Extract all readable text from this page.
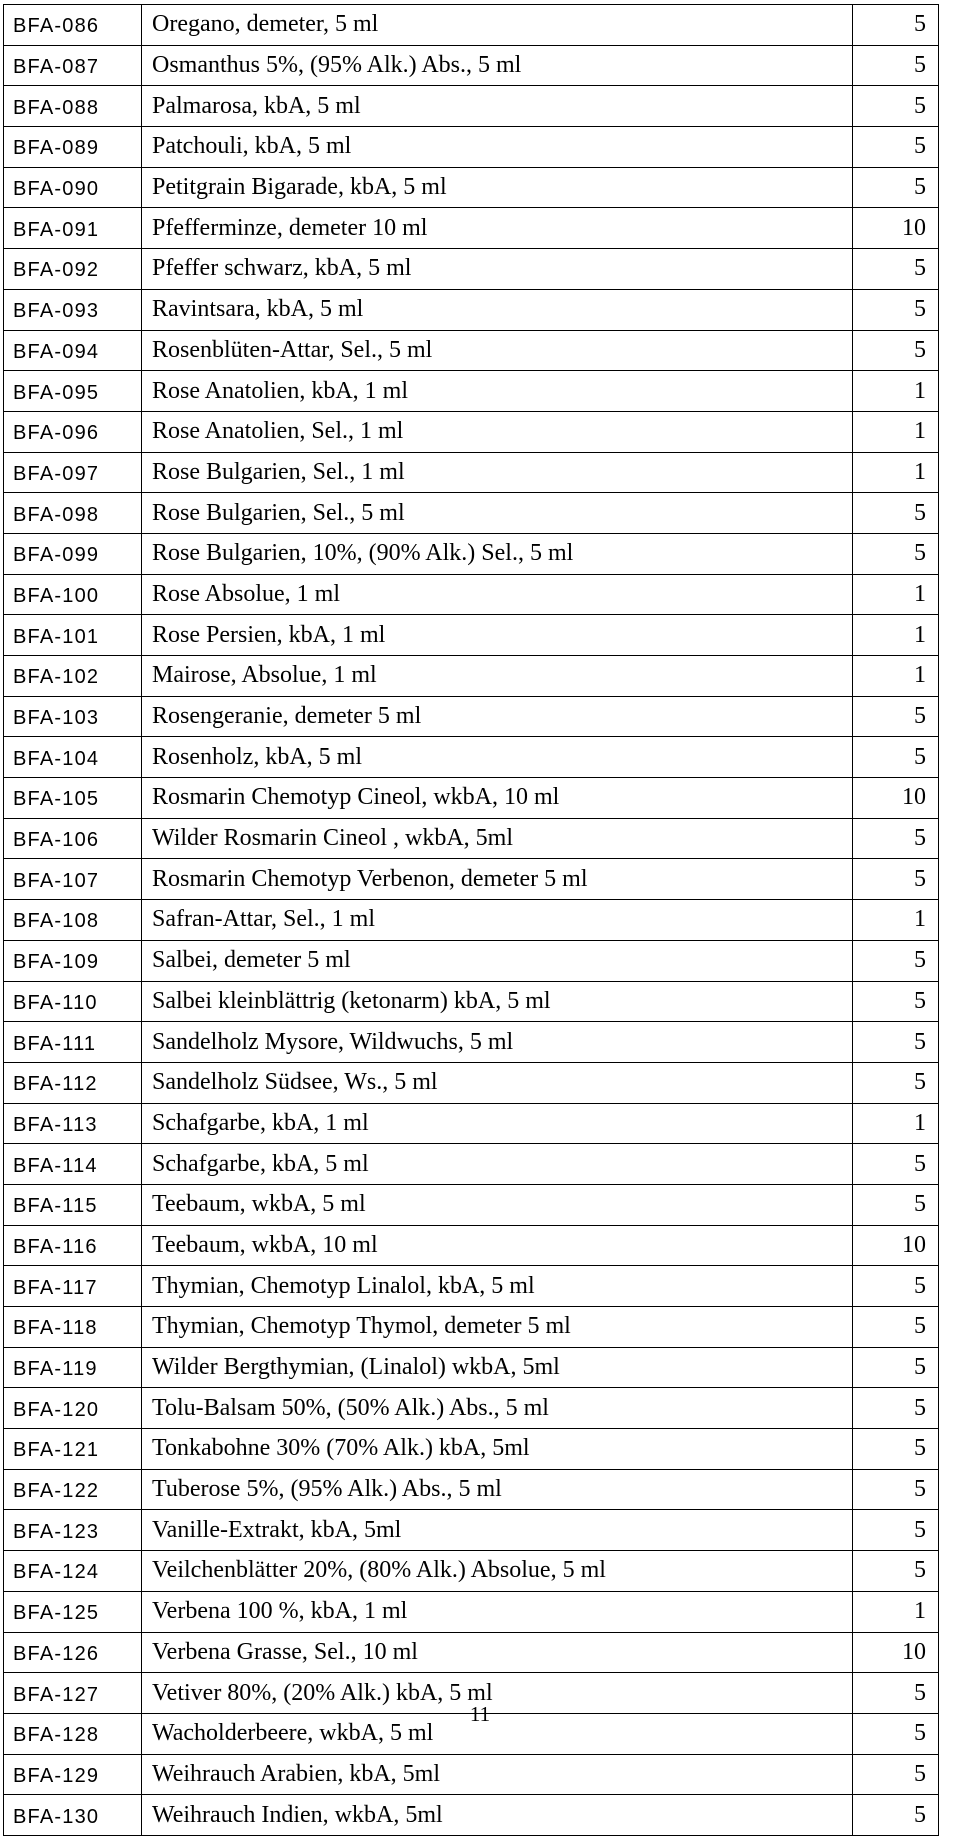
BFA-086	Oregano, demeter, 5 ml	5
BFA-087	Osmanthus 5%, (95% Alk.) Abs., 5 ml	5
BFA-088	Palmarosa, kbA, 5 ml	5
BFA-089	Patchouli, kbA, 5 ml	5
BFA-090	Petitgrain Bigarade, kbA, 5 ml	5
BFA-091	Pfefferminze, demeter 10 ml	10
BFA-092	Pfeffer schwarz, kbA, 5 ml	5
BFA-093	Ravintsara, kbA, 5 ml	5
BFA-094	Rosenblüten-Attar, Sel., 5 ml	5
BFA-095	Rose Anatolien, kbA, 1 ml	1
BFA-096	Rose Anatolien, Sel., 1 ml	1
BFA-097	Rose Bulgarien, Sel., 1 ml	1
BFA-098	Rose Bulgarien, Sel., 5 ml	5
BFA-099	Rose Bulgarien, 10%, (90% Alk.) Sel., 5 ml	5
BFA-100	Rose Absolue, 1 ml	1
BFA-101	Rose Persien, kbA, 1 ml	1
BFA-102	Mairose, Absolue, 1 ml	1
BFA-103	Rosengeranie, demeter 5 ml	5
BFA-104	Rosenholz, kbA, 5 ml	5
BFA-105	Rosmarin Chemotyp Cineol, wkbA, 10 ml	10
BFA-106	Wilder Rosmarin Cineol , wkbA, 5ml	5
BFA-107	Rosmarin Chemotyp Verbenon, demeter 5 ml	5
BFA-108	Safran-Attar, Sel., 1 ml	1
BFA-109	Salbei, demeter 5 ml	5
BFA-110	Salbei kleinblättrig (ketonarm) kbA, 5 ml	5
BFA-111	Sandelholz Mysore, Wildwuchs, 5 ml	5
BFA-112	Sandelholz Südsee, Ws., 5 ml	5
BFA-113	Schafgarbe, kbA, 1 ml	1
BFA-114	Schafgarbe, kbA, 5 ml	5
BFA-115	Teebaum, wkbA, 5 ml	5
BFA-116	Teebaum, wkbA, 10 ml	10
BFA-117	Thymian, Chemotyp Linalol, kbA, 5 ml	5
BFA-118	Thymian, Chemotyp Thymol, demeter 5 ml	5
BFA-119	Wilder Bergthymian, (Linalol) wkbA, 5ml	5
BFA-120	Tolu-Balsam 50%, (50% Alk.) Abs., 5 ml	5
BFA-121	Tonkabohne 30% (70% Alk.) kbA, 5ml	5
BFA-122	Tuberose 5%, (95% Alk.) Abs., 5 ml	5
BFA-123	Vanille-Extrakt, kbA, 5ml	5
BFA-124	Veilchenblätter 20%, (80% Alk.) Absolue, 5 ml	5
BFA-125	Verbena 100 %, kbA, 1 ml	1
BFA-126	Verbena Grasse, Sel., 10 ml	10
BFA-127	Vetiver 80%, (20% Alk.) kbA, 5 ml	5
BFA-128	Wacholderbeere, wkbA, 5 ml	5
BFA-129	Weihrauch Arabien, kbA, 5ml	5
BFA-130	Weihrauch Indien, wkbA, 5ml	5
11
